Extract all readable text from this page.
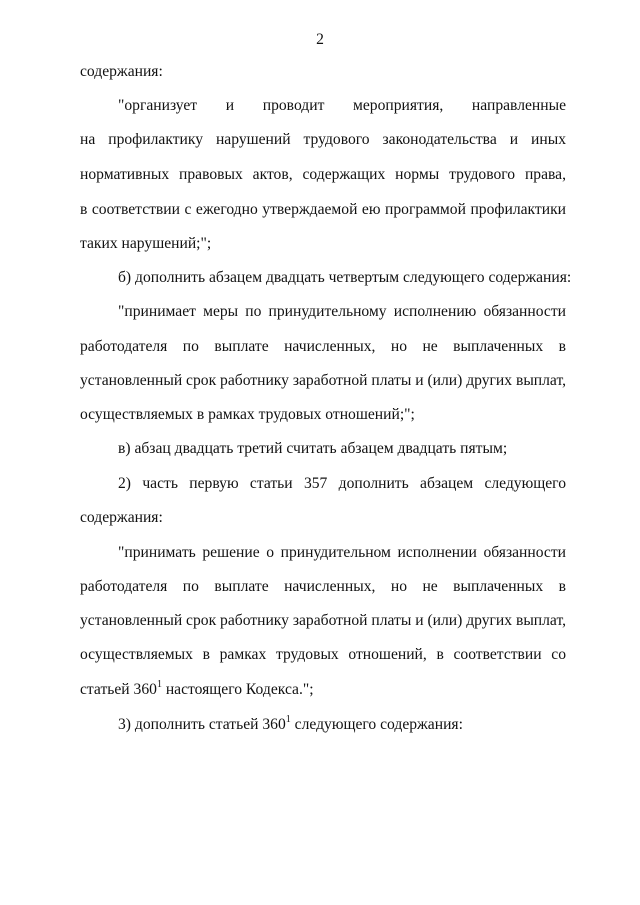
2
содержания:
"организует и проводит мероприятия, направленные
на профилактику нарушений трудового законодательства и иных
нормативных правовых актов, содержащих нормы трудового права,
в соответствии с ежегодно утверждаемой ею программой профилактики
таких нарушений;";
б) дополнить абзацем двадцать четвертым следующего содержания:
"принимает меры по принудительному исполнению обязанности
работодателя по выплате начисленных, но не выплаченных в
установленный срок работнику заработной платы и (или) других выплат,
осуществляемых в рамках трудовых отношений;";
в) абзац двадцать третий считать абзацем двадцать пятым;
2) часть первую статьи 357 дополнить абзацем следующего
содержания:
"принимать решение о принудительном исполнении обязанности
работодателя по выплате начисленных, но не выплаченных в
установленный срок работнику заработной платы и (или) других выплат,
осуществляемых в рамках трудовых отношений, в соответствии со
статьей $360^1$ настоящего Кодекса.";
3) дополнить статьей $360^1$ следующего содержания:
